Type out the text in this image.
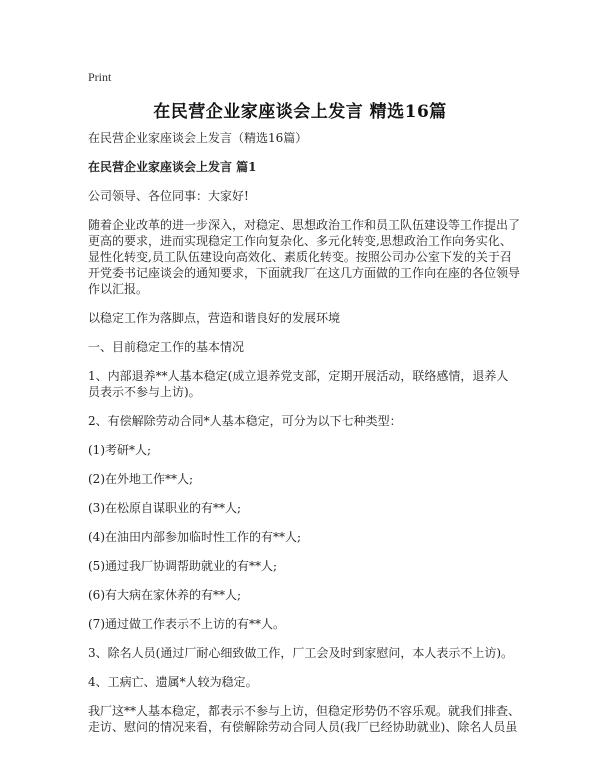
Print
在民营企业家座谈会上发言 精选16篇

在民营企业家座谈会上发言（精选16篇）

在民营企业家座谈会上发言 篇1

公司领导、各位同事：大家好!

随着企业改革的进一步深入，对稳定、思想政治工作和员工队伍建设等工作提出了更高的要求，进而实现稳定工作向复杂化、多元化转变,思想政治工作向务实化、显性化转变,员工队伍建设向高效化、素质化转变。按照公司办公室下发的关于召开党委书记座谈会的通知要求，下面就我厂在这几方面做的工作向在座的各位领导作以汇报。

以稳定工作为落脚点，营造和谐良好的发展环境

一、目前稳定工作的基本情况

1、内部退养**人基本稳定(成立退养党支部，定期开展活动，联络感情，退养人员表示不参与上访)。

2、有偿解除劳动合同*人基本稳定，可分为以下七种类型：

(1)考研*人;

(2)在外地工作**人;

(3)在松原自谋职业的有**人;

(4)在油田内部参加临时性工作的有**人;

(5)通过我厂协调帮助就业的有**人;

(6)有大病在家休养的有**人;

(7)通过做工作表示不上访的有**人。

3、除名人员(通过厂耐心细致做工作，厂工会及时到家慰问，本人表示不上访)。

4、工病亡、遗属*人较为稳定。

我厂这**人基本稳定，都表示不参与上访，但稳定形势仍不容乐观。就我们排查、走访、慰问的情况来看，有偿解除劳动合同人员(我厂已经协助就业)、除名人员虽
